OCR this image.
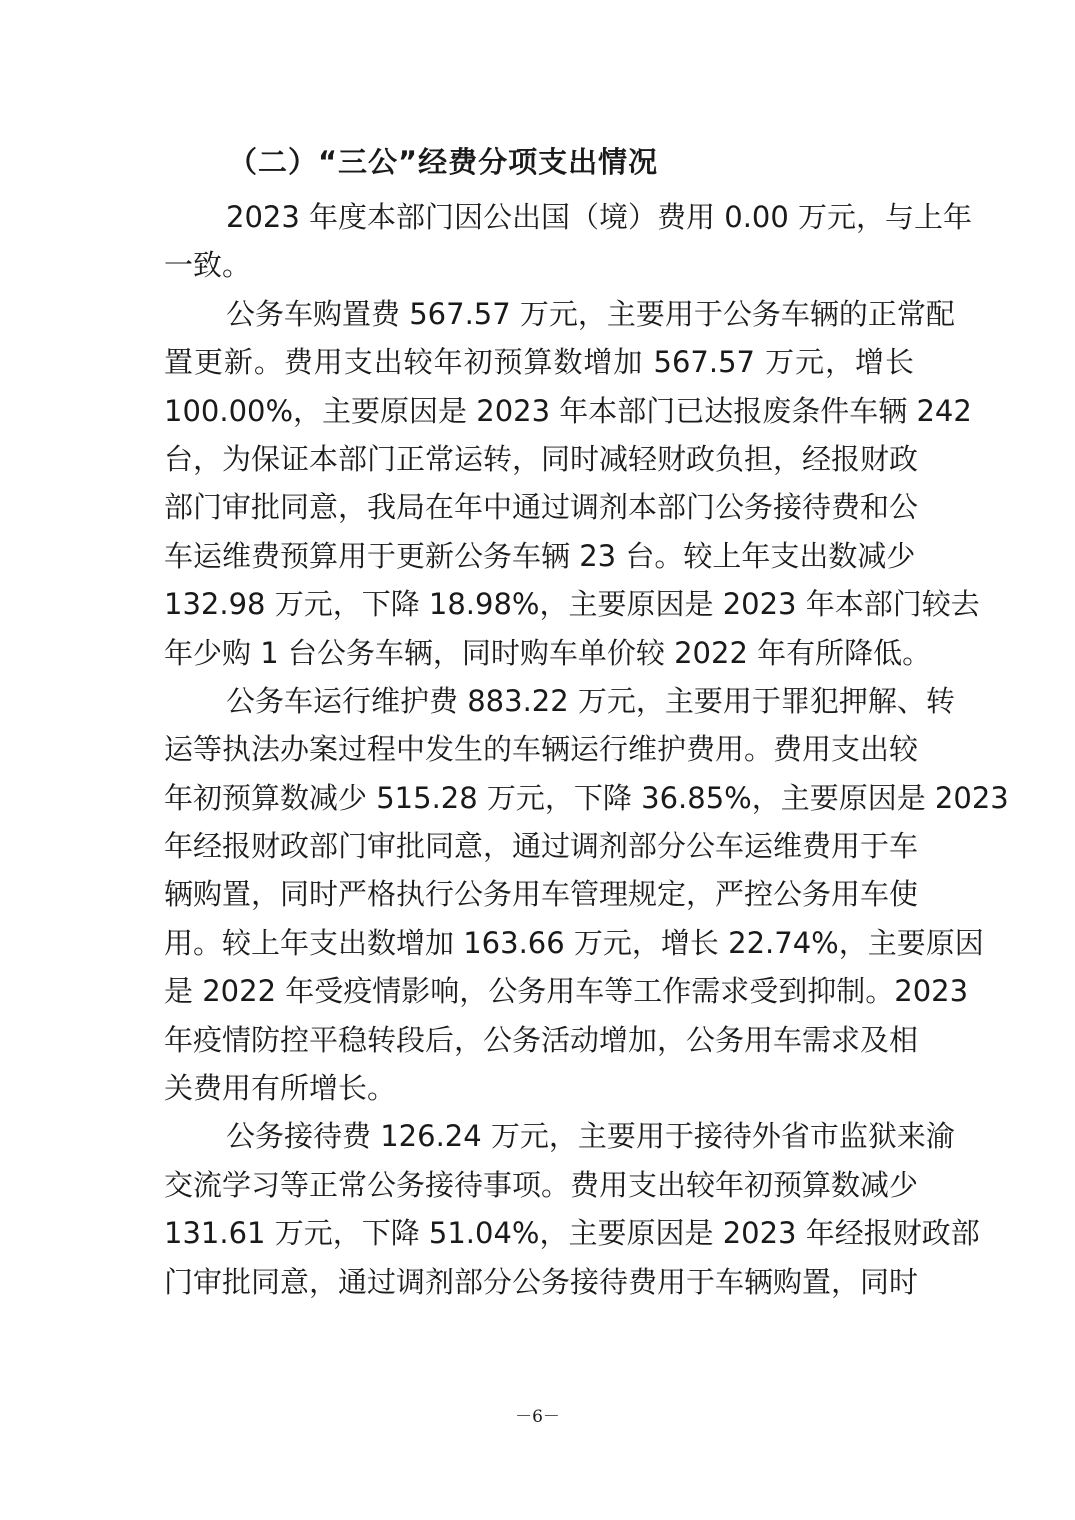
（二）“三公”经费分项支出情况

2023 年度本部门因公出国（境）费用 0.00 万元，与上年
一致。

公务车购置费 567.57 万元，主要用于公务车辆的正常配
置更新。费用支出较年初预算数增加 567.57 万元，增长
100.00%，主要原因是 2023 年本部门已达报废条件车辆 242
台，为保证本部门正常运转，同时减轻财政负担，经报财政
部门审批同意，我局在年中通过调剂本部门公务接待费和公
车运维费预算用于更新公务车辆 23 台。较上年支出数减少
132.98 万元，下降 18.98%，主要原因是 2023 年本部门较去
年少购 1 台公务车辆，同时购车单价较 2022 年有所降低。

公务车运行维护费 883.22 万元，主要用于罪犯押解、转
运等执法办案过程中发生的车辆运行维护费用。费用支出较
年初预算数减少 515.28 万元，下降 36.85%，主要原因是 2023
年经报财政部门审批同意，通过调剂部分公车运维费用于车
辆购置，同时严格执行公务用车管理规定，严控公务用车使
用。较上年支出数增加 163.66 万元，增长 22.74%，主要原因
是 2022 年受疫情影响，公务用车等工作需求受到抑制。2023
年疫情防控平稳转段后，公务活动增加，公务用车需求及相
关费用有所增长。

公务接待费 126.24 万元，主要用于接待外省市监狱来渝
交流学习等正常公务接待事项。费用支出较年初预算数减少
131.61 万元，下降 51.04%，主要原因是 2023 年经报财政部
门审批同意，通过调剂部分公务接待费用于车辆购置，同时

－6－
